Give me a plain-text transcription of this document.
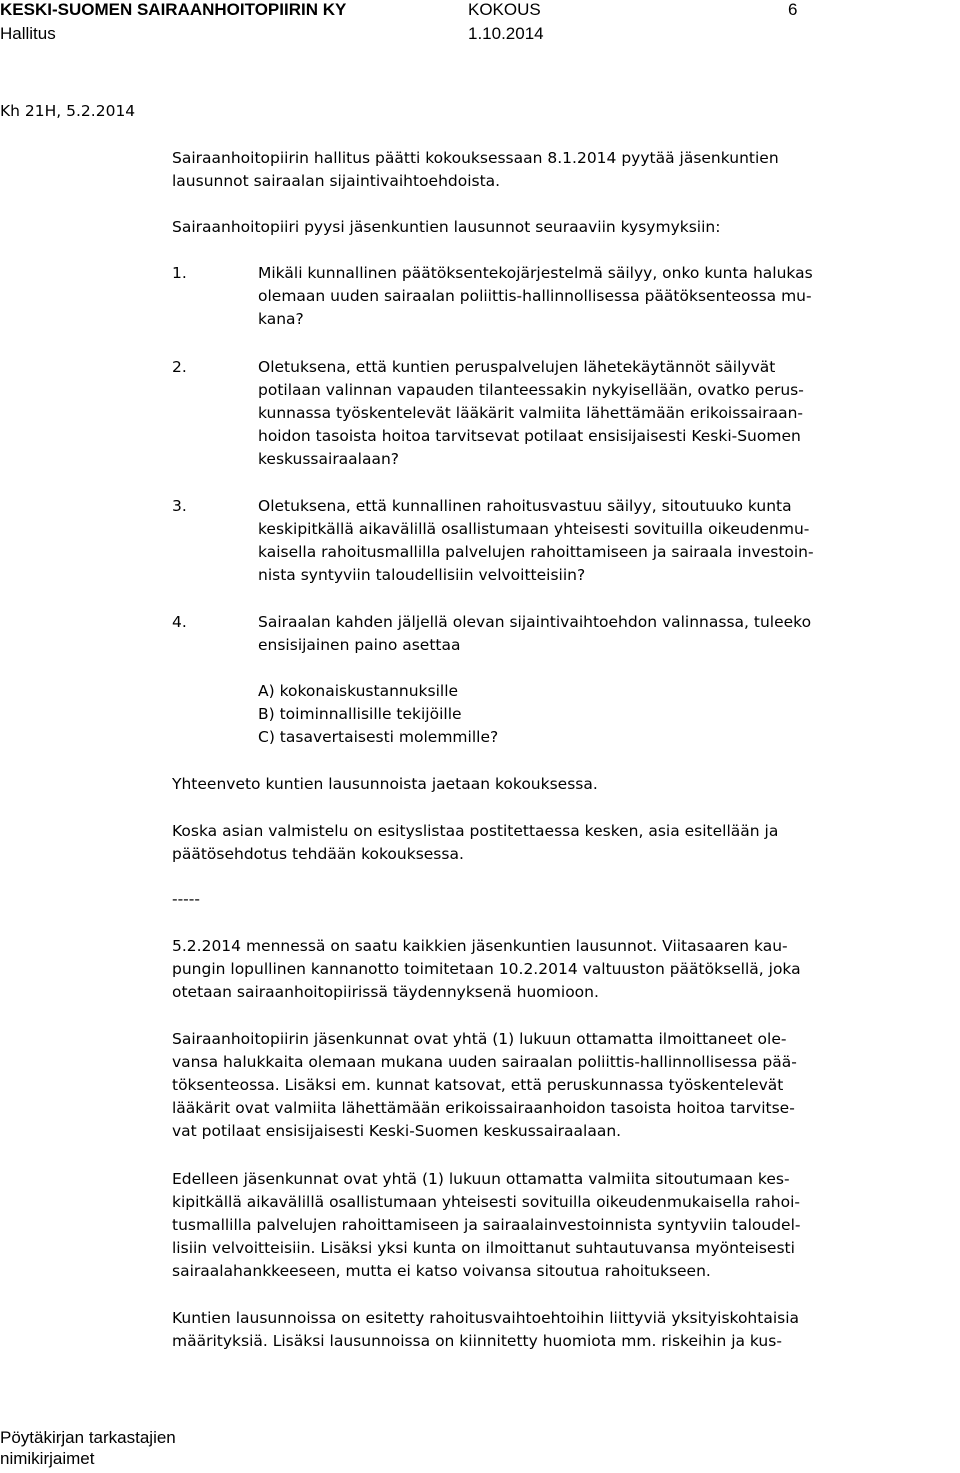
KESKI-SUOMEN SAIRAANHOITOPIIRIN KY	KOKOUS	6
Hallitus	1.10.2014
Kh 21H, 5.2.2014
Sairaanhoitopiirin hallitus päätti kokouksessaan 8.1.2014 pyytää jäsenkuntien
lausunnot sairaalan sijaintivaihtoehdoista.
Sairaanhoitopiiri pyysi jäsenkuntien lausunnot seuraaviin kysymyksiin:
1.	Mikäli kunnallinen päätöksentekojärjestelmä säilyy, onko kunta halukas
olemaan uuden sairaalan poliittis-hallinnollisessa päätöksenteossa mu-
kana?
2.	Oletuksena, että kuntien peruspalvelujen lähetekäytännöt säilyvät
potilaan valinnan vapauden tilanteessakin nykyisellään, ovatko perus-
kunnassa työskentelevät lääkärit valmiita lähettämään erikoissairaan-
hoidon tasoista hoitoa tarvitsevat potilaat ensisijaisesti Keski-Suomen
keskussairaalaan?
3.	Oletuksena, että kunnallinen rahoitusvastuu säilyy, sitoutuuko kunta
keskipitkällä aikavälillä osallistumaan yhteisesti sovituilla oikeudenmu-
kaisella rahoitusmallilla palvelujen rahoittamiseen ja sairaala investoin-
nista syntyviin taloudellisiin velvoitteisiin?
4.	Sairaalan kahden jäljellä olevan sijaintivaihtoehdon valinnassa, tuleeko
ensisijainen paino asettaa
A) kokonaiskustannuksille
B) toiminnallisille tekijöille
C) tasavertaisesti molemmille?
Yhteenveto kuntien lausunnoista jaetaan kokouksessa.
Koska asian valmistelu on esityslistaa postitettaessa kesken, asia esitellään ja
päätösehdotus tehdään kokouksessa.
-----
5.2.2014 mennessä on saatu kaikkien jäsenkuntien lausunnot. Viitasaaren kau-
pungin lopullinen kannanotto toimitetaan 10.2.2014 valtuuston päätöksellä, joka
otetaan sairaanhoitopiirissä täydennyksenä huomioon.
Sairaanhoitopiirin jäsenkunnat ovat yhtä (1) lukuun ottamatta ilmoittaneet ole-
vansa halukkaita olemaan mukana uuden sairaalan poliittis-hallinnollisessa pää-
töksenteossa. Lisäksi em. kunnat katsovat, että peruskunnassa työskentelevät
lääkärit ovat valmiita lähettämään erikoissairaanhoidon tasoista hoitoa tarvitse-
vat potilaat ensisijaisesti Keski-Suomen keskussairaalaan.
Edelleen jäsenkunnat ovat yhtä (1) lukuun ottamatta valmiita sitoutumaan kes-
kipitkällä aikavälillä osallistumaan yhteisesti sovituilla oikeudenmukaisella rahoi-
tusmallilla palvelujen rahoittamiseen ja sairaalainvestoinnista syntyviin taloudel-
lisiin velvoitteisiin. Lisäksi yksi kunta on ilmoittanut suhtautuvansa myönteisesti
sairaalahankkeeseen, mutta ei katso voivansa sitoutua rahoitukseen.
Kuntien lausunnoissa on esitetty rahoitusvaihtoehtoihin liittyviä yksityiskohtaisia
määrityksiä. Lisäksi lausunnoissa on kiinnitetty huomiota mm. riskeihin ja kus-
Pöytäkirjan tarkastajien
nimikirjaimet
